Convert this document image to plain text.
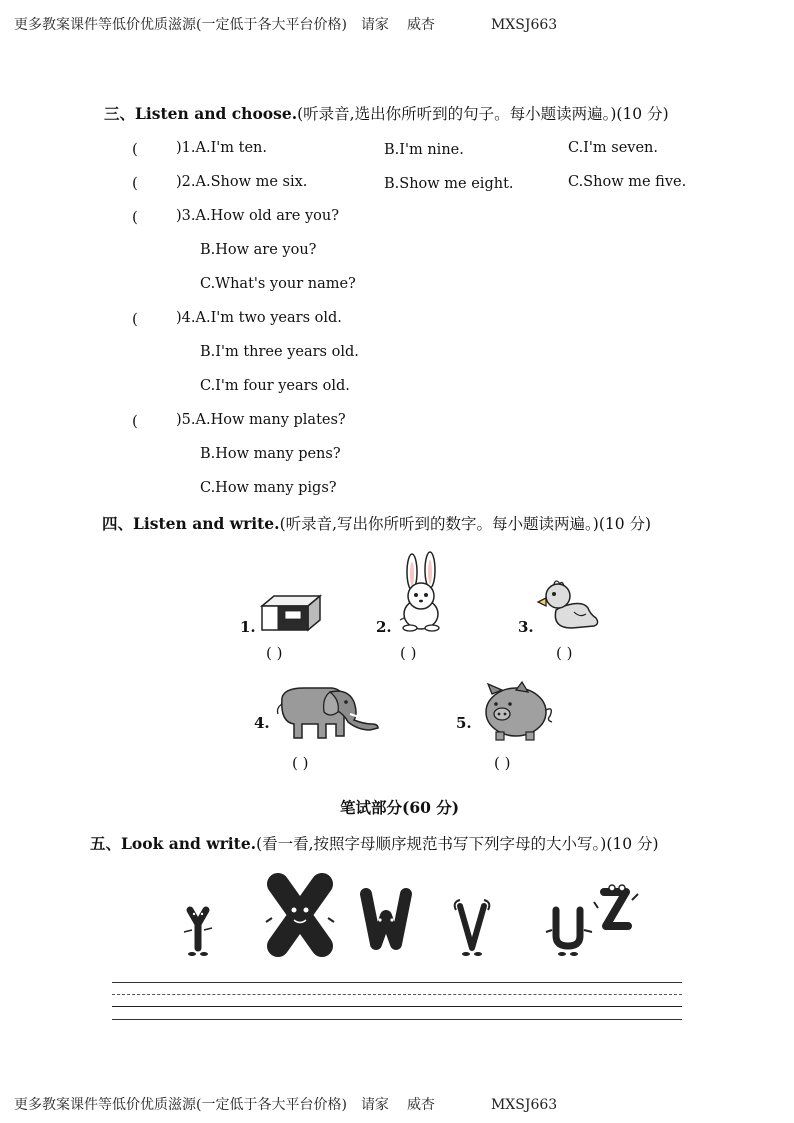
更多教案课件等低价优质滋源(一定低于各大平台价格) 请家 威杏	MXSJ663
三、Listen and choose.(听录音,选出你所听到的句子。每小题读两遍。)(10 分)
(	)1.A.I'm ten.	B.I'm nine.	C.I'm seven.
(	)2.A.Show me six.	B.Show me eight.	C.Show me five.
(	)3.A.How old are you?
B.How are you?
C.What's your name?
(	)4.A.I'm two years old.
B.I'm three years old.
C.I'm four years old.
(	)5.A.How many plates?
B.How many pens?
C.How many pigs?
四、Listen and write.(听录音,写出你所听到的数字。每小题读两遍。)(10 分)
1.
( )
2.
( )
3.
( )
4.
( )
5.
( )
笔试部分(60 分)
五、Look and write.(看一看,按照字母顺序规范书写下列字母的大小写。)(10 分)
更多教案课件等低价优质滋源(一定低于各大平台价格) 请家 威杏	MXSJ663
